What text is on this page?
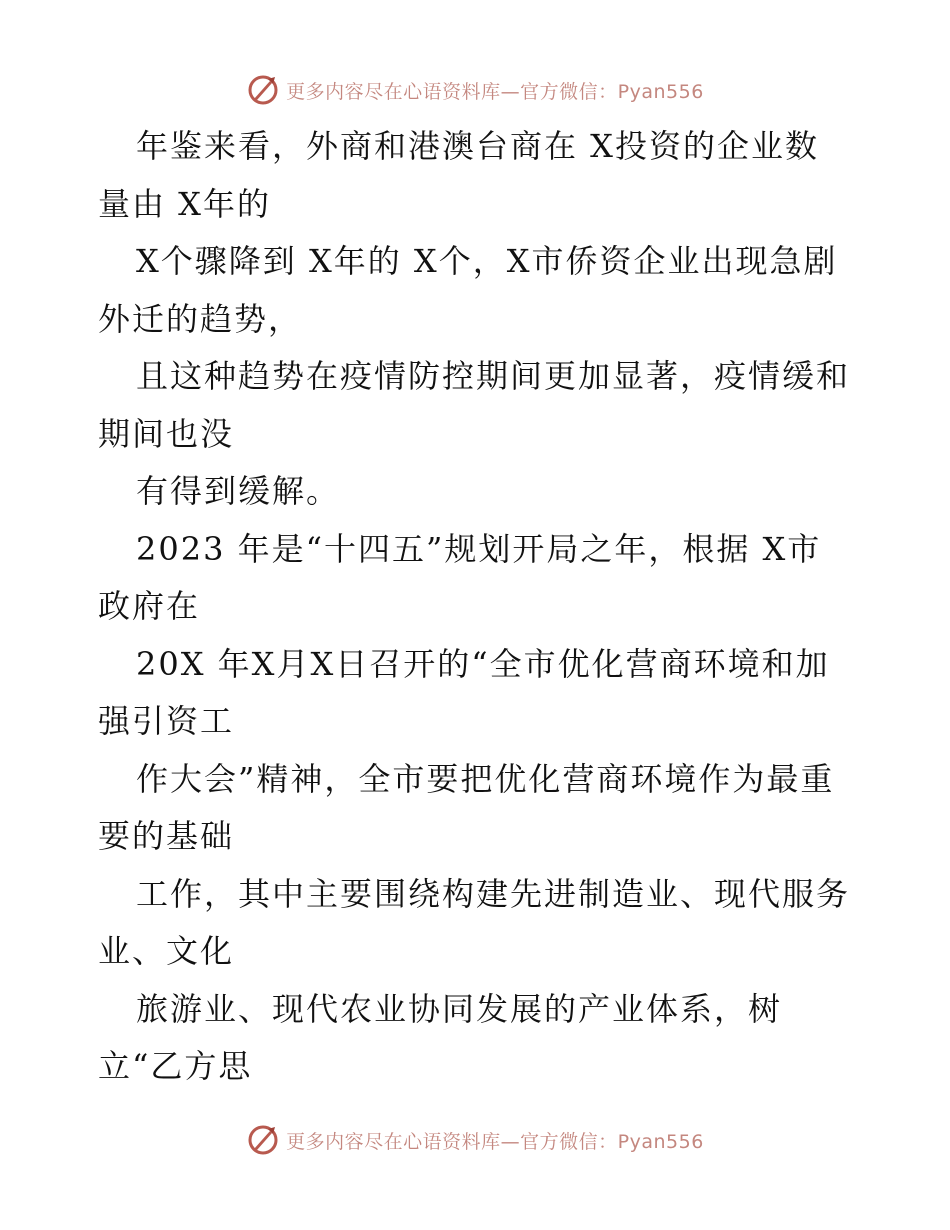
更多内容尽在心语资料库—官方微信：Pyan556
年鉴来看，外商和港澳台商在 X投资的企业数
量由 X年的
X个骤降到 X年的 X个，X市侨资企业出现急剧
外迁的趋势，
且这种趋势在疫情防控期间更加显著，疫情缓和
期间也没
有得到缓解。
2023 年是“十四五”规划开局之年，根据 X市
政府在
20X 年X月X日召开的“全市优化营商环境和加
强引资工
作大会”精神，全市要把优化营商环境作为最重
要的基础
工作，其中主要围绕构建先进制造业、现代服务
业、文化
旅游业、现代农业协同发展的产业体系，树
立“乙方思
更多内容尽在心语资料库—官方微信：Pyan556
